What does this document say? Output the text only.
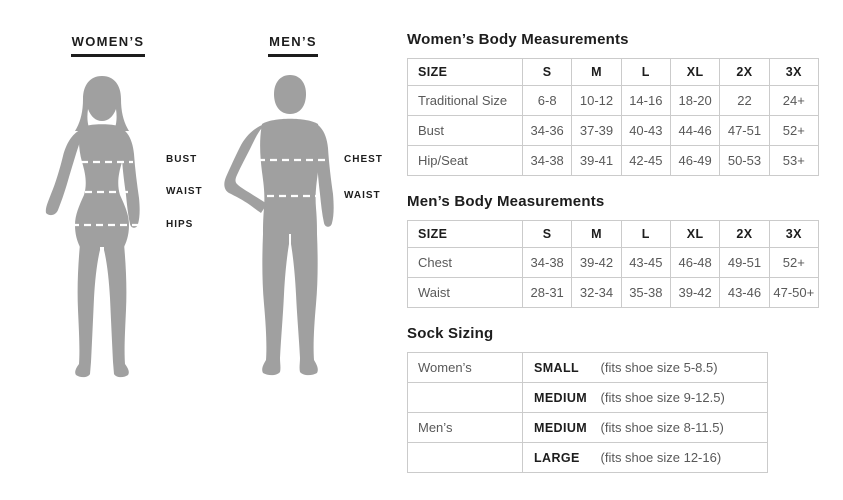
WOMEN’S	MEN’S
BUST
WAIST
HIPS
CHEST
WAIST
Women’s Body Measurements
SIZE	S	M	L	XL	2X	3X
Traditional Size	6-8	10-12	14-16	18-20	22	24+
Bust	34-36	37-39	40-43	44-46	47-51	52+
Hip/Seat	34-38	39-41	42-45	46-49	50-53	53+
Men’s Body Measurements
SIZE	S	M	L	XL	2X	3X
Chest	34-38	39-42	43-45	46-48	49-51	52+
Waist	28-31	32-34	35-38	39-42	43-46	47-50+
Sock Sizing
Women’s	SMALL	(fits shoe size 5-8.5)
	MEDIUM	(fits shoe size 9-12.5)
Men’s	MEDIUM	(fits shoe size 8-11.5)
	LARGE	(fits shoe size 12-16)
